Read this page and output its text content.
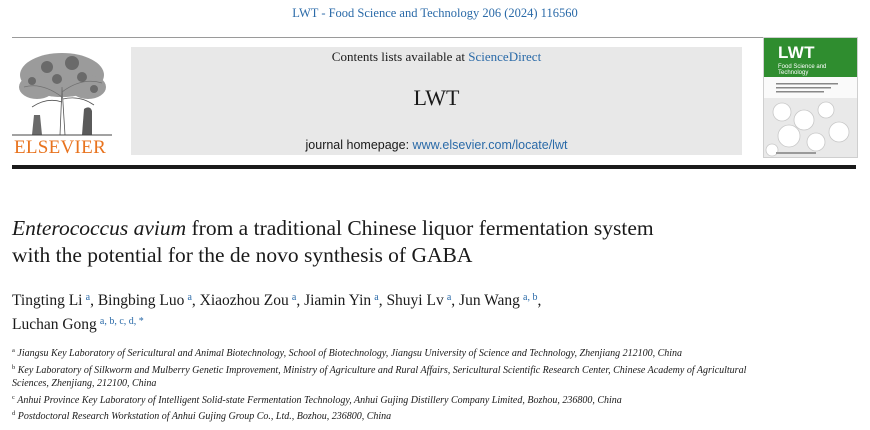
LWT - Food Science and Technology 206 (2024) 116560
ELSEVIER
Contents lists available at ScienceDirect
LWT
journal homepage: www.elsevier.com/locate/lwt
LWT
Food Science and Technology
Enterococcus avium from a traditional Chinese liquor fermentation system
with the potential for the de novo synthesis of GABA
Tingting Li  $^a$, Bingbing Luo  $^a$, Xiaozhou Zou  $^a$, Jiamin Yin  $^a$, Shuyi Lv  $^a$, Jun Wang  $^{a, b}$,
Luchan Gong  $^{a, b, c, d, *}$

$^a$ Jiangsu Key Laboratory of Sericultural and Animal Biotechnology, School of Biotechnology, Jiangsu University of Science and Technology, Zhenjiang 212100, China

$^b$ Key Laboratory of Silkworm and Mulberry Genetic Improvement, Ministry of Agriculture and Rural Affairs, Sericultural Scientific Research Center, Chinese Academy of Agricultural Sciences, Zhenjiang, 212100, China

$^c$ Anhui Province Key Laboratory of Intelligent Solid-state Fermentation Technology, Anhui Gujing Distillery Company Limited, Bozhou, 236800, China

$^d$ Postdoctoral Research Workstation of Anhui Gujing Group Co., Ltd., Bozhou, 236800, China
